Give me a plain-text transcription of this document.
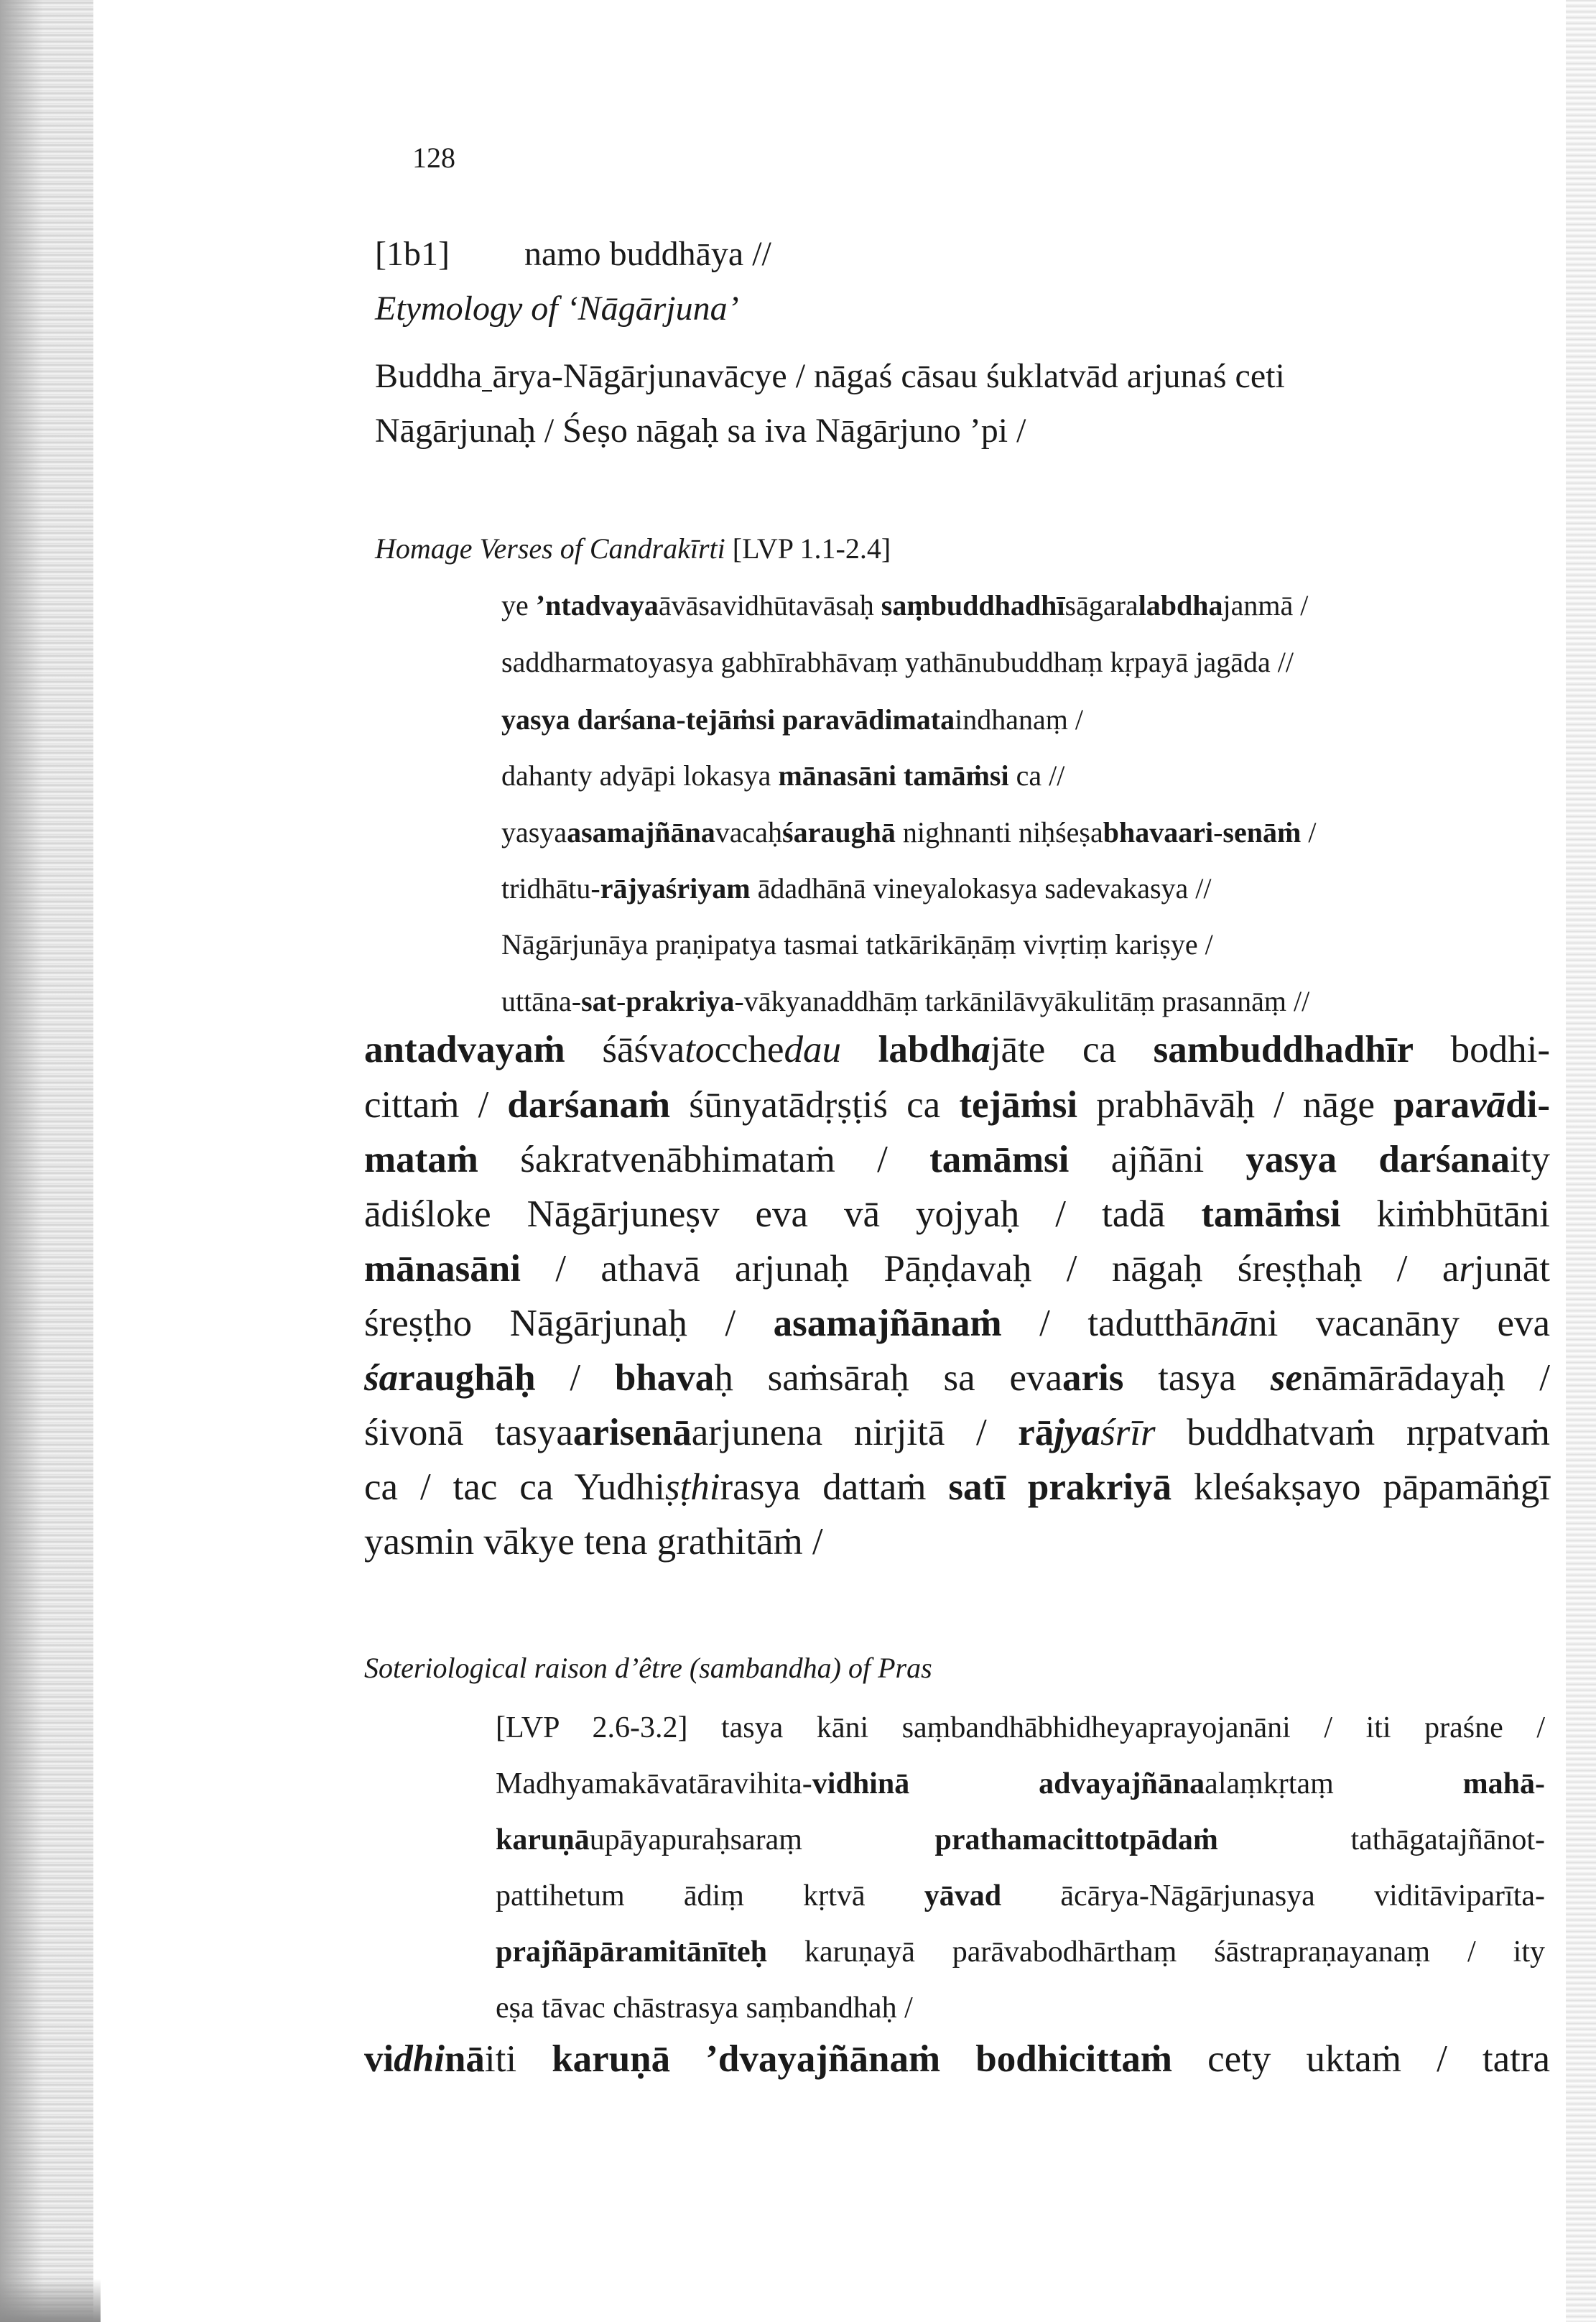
128
[1b1] namo buddhāya //
Etymology of ‘Nāgārjuna’
Buddha ārya-Nāgārjunavācye / nāgaś cāsau śuklatvād arjunaś ceti
Nāgārjunaḥ / Śeṣo nāgaḥ sa iva Nāgārjuno ’pi /
Homage Verses of Candrakīrti [LVP 1.1-2.4]
ye ’ntadvayaāvāsavidhūtavāsaḥ saṃbuddhadhīsāgaralabdhajanmā /
saddharmatoyasya gabhīrabhāvaṃ yathānubuddhaṃ kṛpayā jagāda //
yasya darśana-tejāṁsi paravādimataindhanaṃ /
dahanty adyāpi lokasya mānasāni tamāṁsi ca //
yasyaasamajñānavacaḥśaraughā nighnanti niḥśeṣabhavaari-senāṁ /
tridhātu-rājyaśriyam ādadhānā vineyalokasya sadevakasya //
Nāgārjunāya praṇipatya tasmai tatkārikāṇāṃ vivṛtiṃ kariṣye /
uttāna-sat-prakriya-vākyanaddhāṃ tarkānilāvyākulitāṃ prasannāṃ //
antadvayaṁ śāśvatocchedau labdhajāte ca sambuddhadhīr bodhi-
cittaṁ / darśanaṁ śūnyatādṛṣṭiś ca tejāṁsi prabhāvāḥ / nāge paravādi-
mataṁ śakratvenābhimataṁ / tamāmsi ajñāni yasya darśanaity
ādiśloke Nāgārjuneṣv eva vā yojyaḥ / tadā tamāṁsi kiṁbhūtāni
mānasāni / athavā arjunaḥ Pāṇḍavaḥ / nāgaḥ śreṣṭhaḥ / arjunāt
śreṣṭho Nāgārjunaḥ / asamajñānaṁ / tadutthānāni vacanāny eva
śaraughāḥ / bhavaḥ saṁsāraḥ sa evaaris tasya senāmārādayaḥ /
śivonā tasyaarisenāarjunena nirjitā / rājyaśrīr buddhatvaṁ nṛpatvaṁ
ca / tac ca Yudhiṣṭhirasya dattaṁ satī prakriyā kleśakṣayo pāpamāṅgī
yasmin vākye tena grathitāṁ /
Soteriological raison d’être (sambandha) of Pras
[LVP 2.6-3.2] tasya kāni saṃbandhābhidheyaprayojanāni / iti praśne /
Madhyamakāvatāravihita-vidhinā	advayajñānaalaṃkṛtaṃ mahā-
karuṇāupāyapuraḥsaraṃ prathamacittotpādaṁ tathāgatajñānot-
pattihetum ādiṃ kṛtvā yāvad ācārya-Nāgārjunasya viditāviparīta-
prajñāpāramitānīteḥ karuṇayā parāvabodhārthaṃ śāstrapraṇayanaṃ / ity
eṣa tāvac chāstrasya saṃbandhaḥ /
vidhināiti karuṇā ’dvayajñānaṁ bodhicittaṁ cety uktaṁ / tatra
